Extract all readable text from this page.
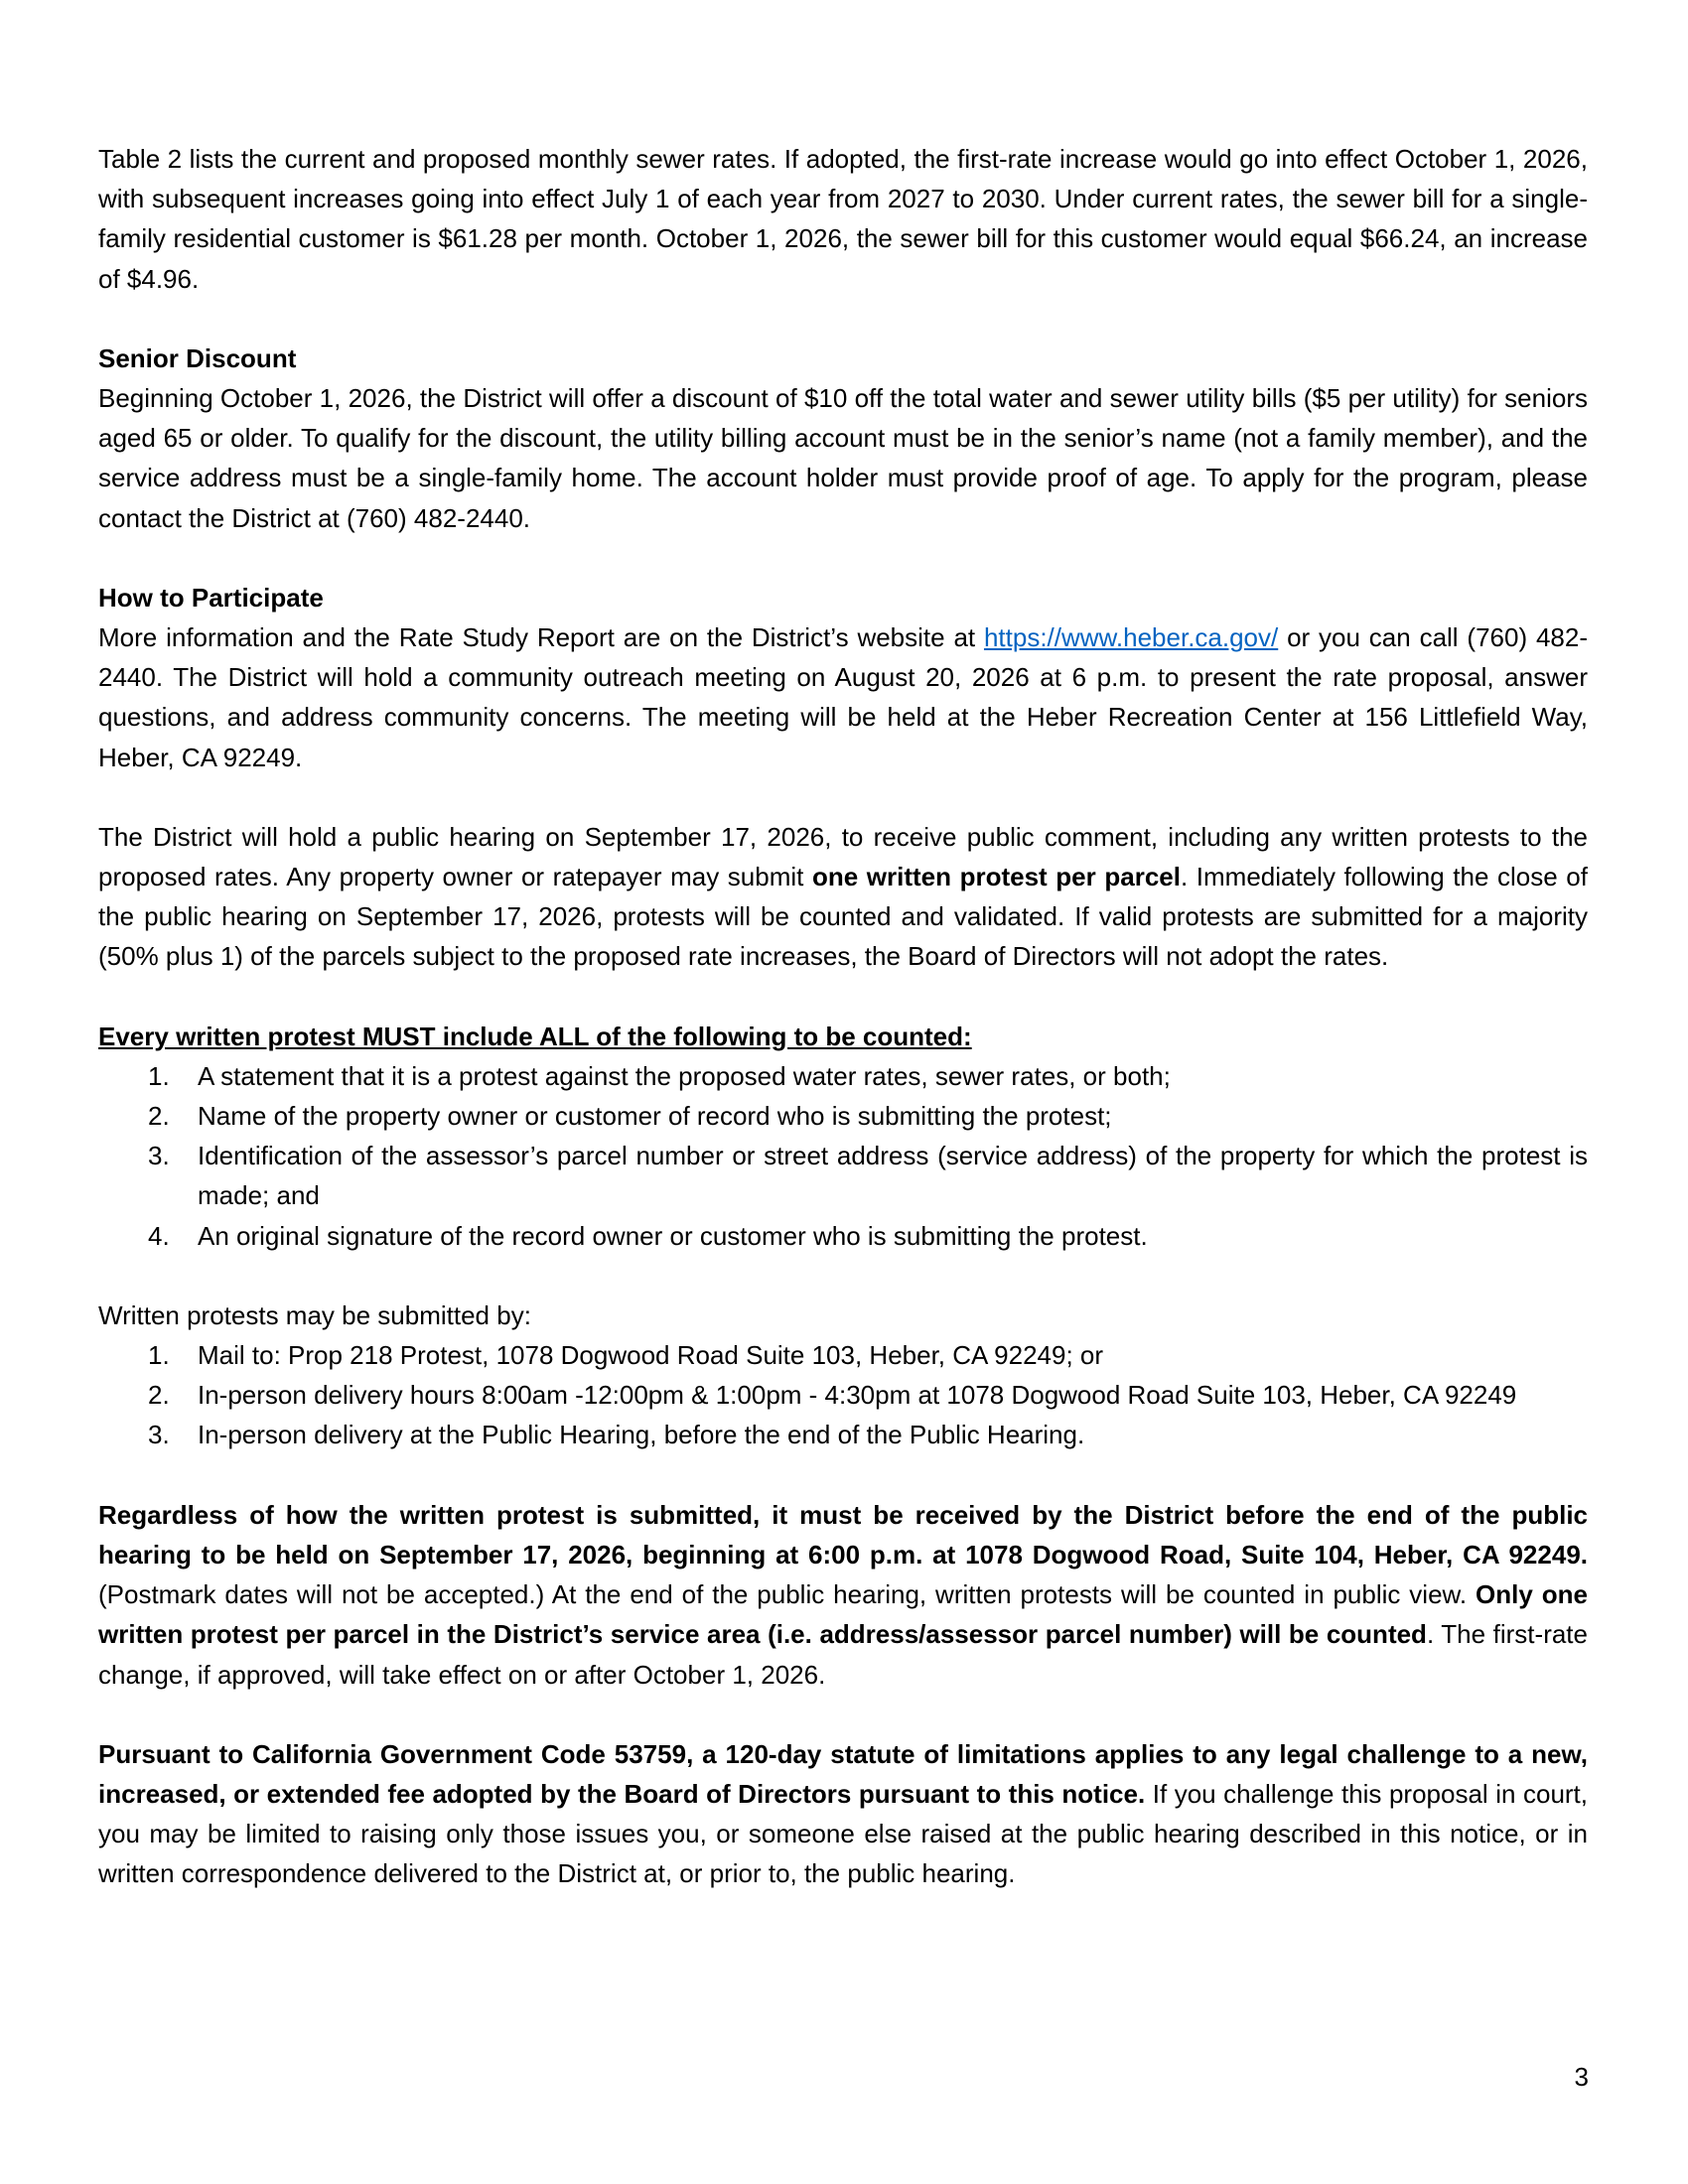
Table 2 lists the current and proposed monthly sewer rates. If adopted, the first-rate increase would go into effect October 1, 2026, with subsequent increases going into effect July 1 of each year from 2027 to 2030. Under current rates, the sewer bill for a single-family residential customer is $61.28 per month. October 1, 2026, the sewer bill for this customer would equal $66.24, an increase of $4.96.

Senior Discount
Beginning October 1, 2026, the District will offer a discount of $10 off the total water and sewer utility bills ($5 per utility) for seniors aged 65 or older. To qualify for the discount, the utility billing account must be in the senior’s name (not a family member), and the service address must be a single-family home. The account holder must provide proof of age. To apply for the program, please contact the District at (760) 482-2440.

How to Participate
More information and the Rate Study Report are on the District’s website at https://www.heber.ca.gov/ or you can call (760) 482-2440. The District will hold a community outreach meeting on August 20, 2026 at 6 p.m. to present the rate proposal, answer questions, and address community concerns. The meeting will be held at the Heber Recreation Center at 156 Littlefield Way, Heber, CA 92249.

The District will hold a public hearing on September 17, 2026, to receive public comment, including any written protests to the proposed rates. Any property owner or ratepayer may submit one written protest per parcel. Immediately following the close of the public hearing on September 17, 2026, protests will be counted and validated. If valid protests are submitted for a majority (50% plus 1) of the parcels subject to the proposed rate increases, the Board of Directors will not adopt the rates.

Every written protest MUST include ALL of the following to be counted:
1. A statement that it is a protest against the proposed water rates, sewer rates, or both;
2. Name of the property owner or customer of record who is submitting the protest;
3. Identification of the assessor’s parcel number or street address (service address) of the property for which the protest is made; and
4. An original signature of the record owner or customer who is submitting the protest.
Written protests may be submitted by:
1. Mail to: Prop 218 Protest, 1078 Dogwood Road Suite 103, Heber, CA 92249; or
2. In-person delivery hours 8:00am -12:00pm & 1:00pm - 4:30pm at 1078 Dogwood Road Suite 103, Heber, CA 92249
3. In-person delivery at the Public Hearing, before the end of the Public Hearing.

Regardless of how the written protest is submitted, it must be received by the District before the end of the public hearing to be held on September 17, 2026, beginning at 6:00 p.m. at 1078 Dogwood Road, Suite 104, Heber, CA 92249. (Postmark dates will not be accepted.) At the end of the public hearing, written protests will be counted in public view. Only one written protest per parcel in the District’s service area (i.e. address/assessor parcel number) will be counted. The first-rate change, if approved, will take effect on or after October 1, 2026.

Pursuant to California Government Code 53759, a 120-day statute of limitations applies to any legal challenge to a new, increased, or extended fee adopted by the Board of Directors pursuant to this notice. If you challenge this proposal in court, you may be limited to raising only those issues you, or someone else raised at the public hearing described in this notice, or in written correspondence delivered to the District at, or prior to, the public hearing.

3
